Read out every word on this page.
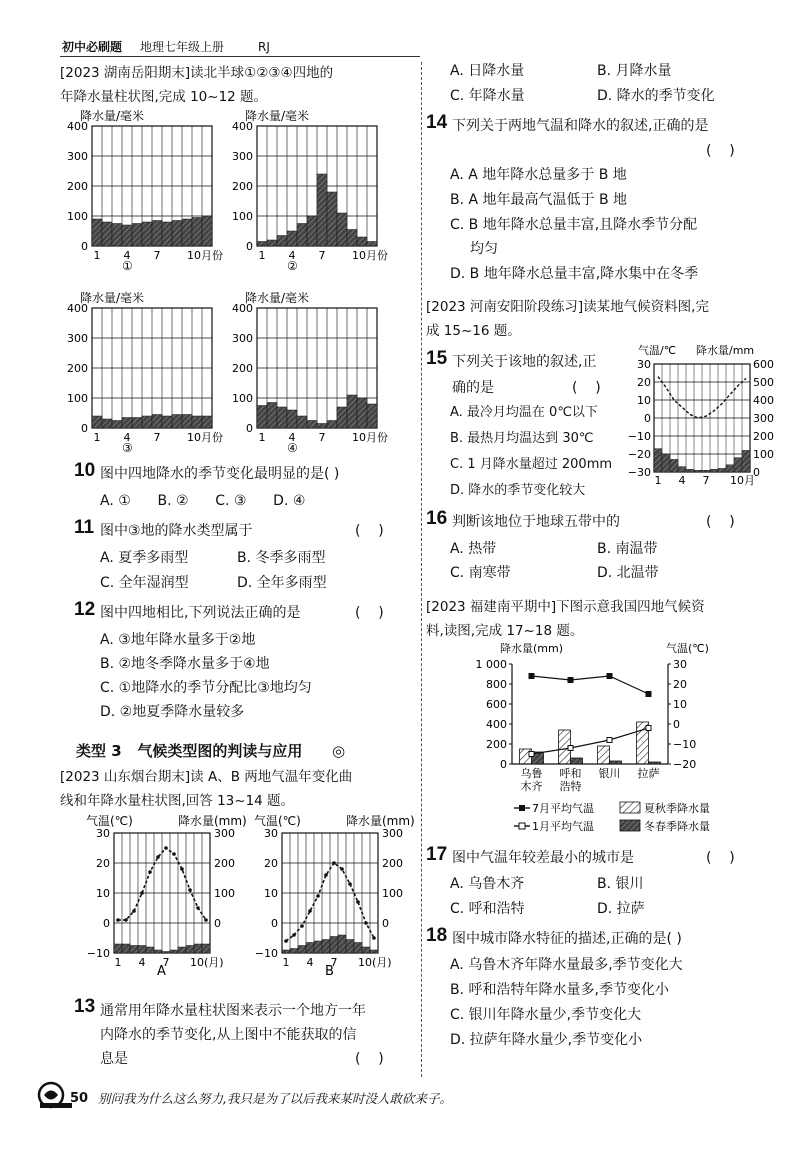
初中必刷题 地理七年级上册	RJ
[2023 湖南岳阳期末]读北半球①②③④四地的
年降水量柱状图,完成 10~12 题。
降水量/毫米
①
400
300
200
100
0
1 4 7 10月份
降水量/毫米
②
400
300
200
100
0
1 4 7 10月份
降水量/毫米
③
400
300
200
100
0
1 4 7 10月份
降水量/毫米
④
400
300
200
100
0
1 4 7 10月份
10 图中四地降水的季节变化最明显的是( )
A. ①      B. ②      C. ③      D. ④
11 图中③地的降水类型属于	(    )
A. 夏季多雨型	B. 冬季多雨型
C. 全年湿润型	D. 全年多雨型
12 图中四地相比,下列说法正确的是	(    )
A. ③地年降水量多于②地
B. ②地冬季降水量多于④地
C. ①地降水的季节分配比③地均匀
D. ②地夏季降水量较多
类型 3   气候类型图的判读与应用 ◎
[2023 山东烟台期末]读 A、B 两地气温年变化曲
线和年降水量柱状图,回答 13~14 题。
气温(℃)	降水量(mm)
A
30
20
10
0
−10
300
200
100
0
1 4 7 10(月)
气温(℃)	降水量(mm)
B
30
20
10
0
−10
300
200
100
0
1 4 7 10(月)
13 通常用年降水量柱状图来表示一个地方一年
内降水的季节变化,从上图中不能获取的信
息是	(    )
A. 日降水量	B. 月降水量
C. 年降水量	D. 降水的季节变化
14 下列关于两地气温和降水的叙述,正确的是
(    )
A. A 地年降水总量多于 B 地
B. A 地年最高气温低于 B 地
C. B 地年降水总量丰富,且降水季节分配
均匀
D. B 地年降水总量丰富,降水集中在冬季
[2023 河南安阳阶段练习]读某地气候资料图,完
成 15~16 题。
15 下列关于该地的叙述,正
确的是	(    )
A. 最冷月均温在 0℃以下
B. 最热月均温达到 30℃
C. 1 月降水量超过 200mm
D. 降水的季节变化较大
气温/℃ 降水量/mm
30
20
10
0
−10
−20
−30
600
500
400
300
200
100
0
1 4 7 10月
16 判断该地位于地球五带中的	(    )
A. 热带	B. 南温带
C. 南寒带	D. 北温带
[2023 福建南平期中]下图示意我国四地气候资
料,读图,完成 17~18 题。
降水量(mm)	气温(℃)
7月平均气温	夏秋季降水量
1月平均气温	冬春季降水量
1 000
800
600
400
200
0
30
20
10
0
−10
−20
乌鲁
木齐
呼和
浩特
银川 拉萨
17 图中气温年较差最小的城市是	(    )
A. 乌鲁木齐	B. 银川
C. 呼和浩特	D. 拉萨
18 图中城市降水特征的描述,正确的是( )
A. 乌鲁木齐年降水量最多,季节变化大
B. 呼和浩特年降水量多,季节变化小
C. 银川年降水量少,季节变化大
D. 拉萨年降水量少,季节变化小
50 别问我为什么这么努力,我只是为了以后我来某时没人敢砍来子。
